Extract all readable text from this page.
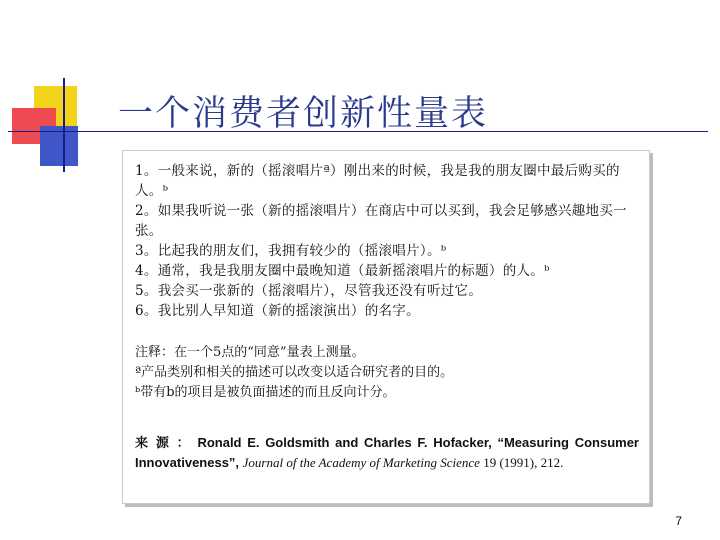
一个消费者创新性量表
1。一般来说，新的（摇滚唱片ª）刚出来的时候，我是我的朋友圈中最后购买的人。ᵇ
2。如果我听说一张（新的摇滚唱片）在商店中可以买到，我会足够感兴趣地买一张。
3。比起我的朋友们，我拥有较少的（摇滚唱片）。ᵇ
4。通常，我是我朋友圈中最晚知道（最新摇滚唱片的标题）的人。ᵇ
5。我会买一张新的（摇滚唱片），尽管我还没有听过它。
6。我比别人早知道（新的摇滚演出）的名字。
注释：在一个5点的“同意”量表上测量。
ª产品类别和相关的描述可以改变以适合研究者的目的。
ᵇ带有b的项目是被负面描述的而且反向计分。
来 源 ： Ronald E. Goldsmith and Charles F. Hofacker, “Measuring Consumer Innovativeness”, Journal of the Academy of Marketing Science 19 (1991), 212.
7
